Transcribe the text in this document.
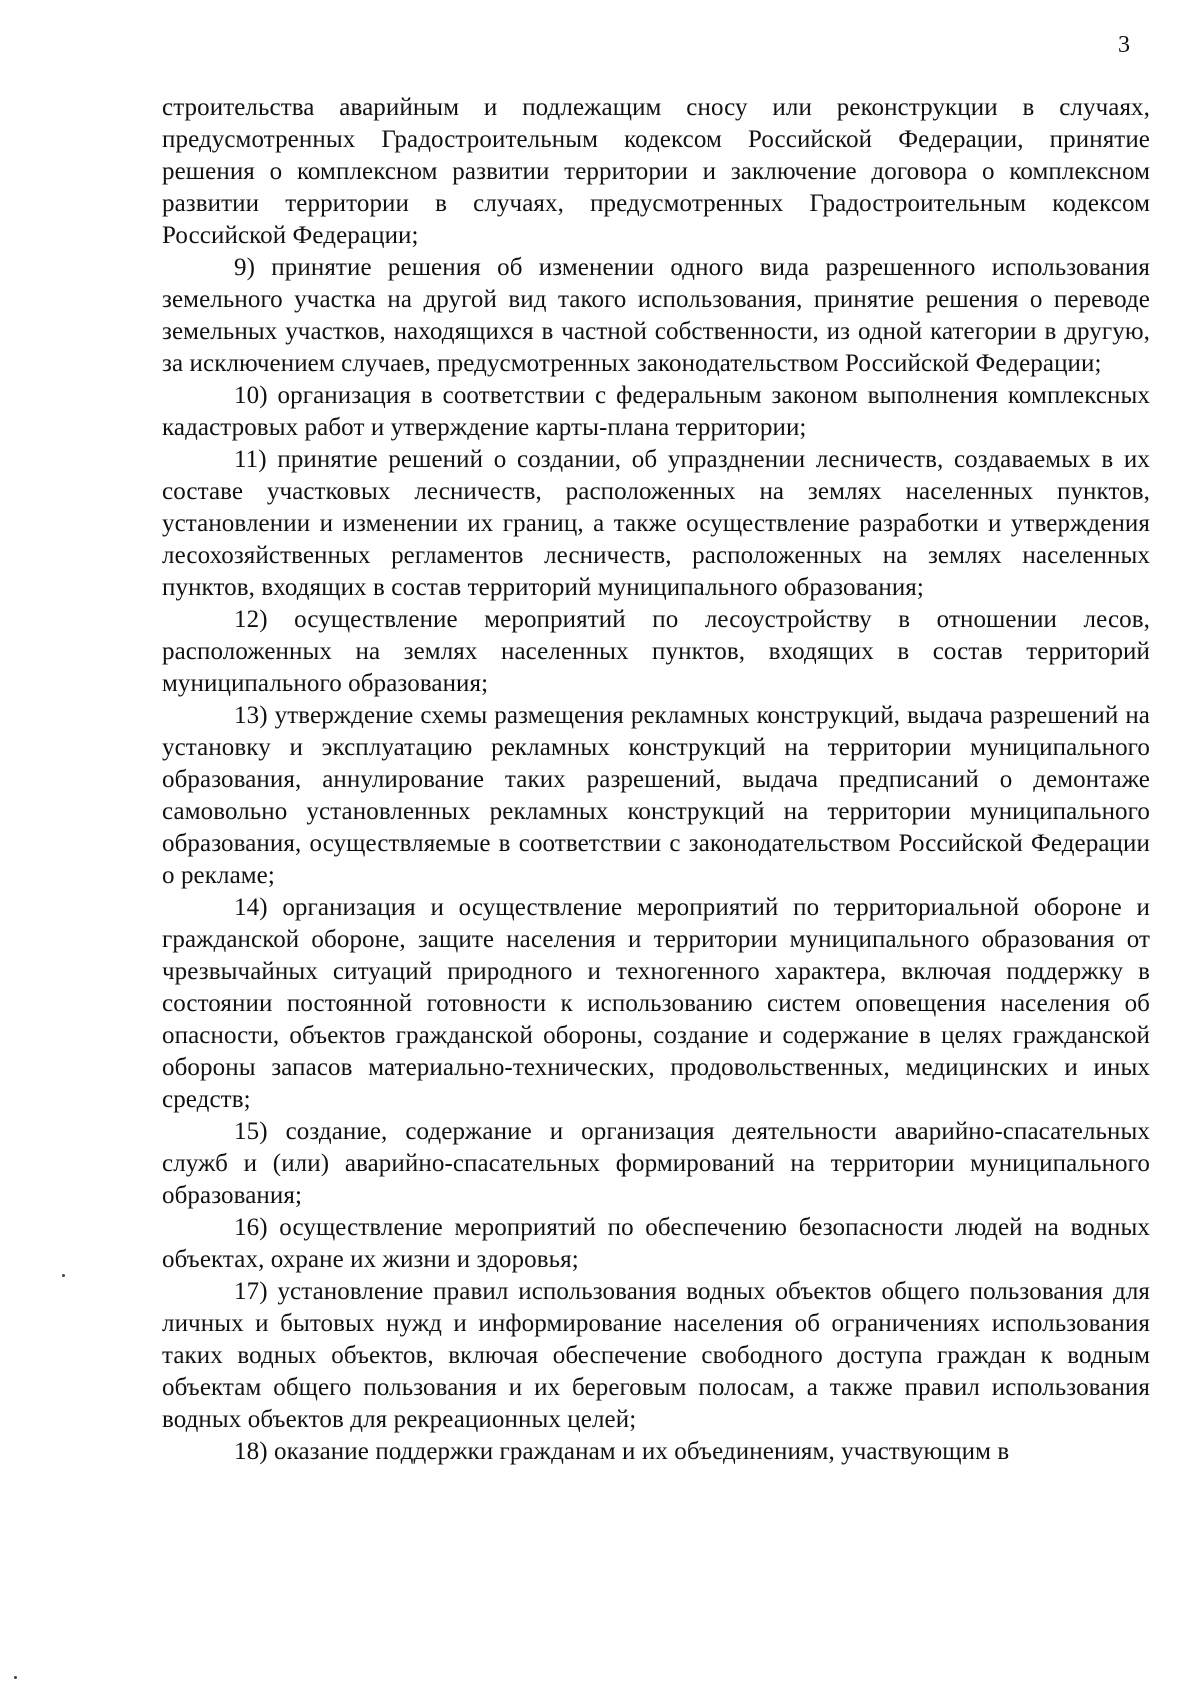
3

строительства аварийным и подлежащим сносу или реконструкции в случаях, предусмотренных Градостроительным кодексом Российской Федерации, принятие решения о комплексном развитии территории и заключение договора о комплексном развитии территории в случаях, предусмотренных Градостроительным кодексом Российской Федерации;

9) принятие решения об изменении одного вида разрешенного использования земельного участка на другой вид такого использования, принятие решения о переводе земельных участков, находящихся в частной собственности, из одной категории в другую, за исключением случаев, предусмотренных законодательством Российской Федерации;

10) организация в соответствии с федеральным законом выполнения комплексных кадастровых работ и утверждение карты-плана территории;

11) принятие решений о создании, об упразднении лесничеств, создаваемых в их составе участковых лесничеств, расположенных на землях населенных пунктов, установлении и изменении их границ, а также осуществление разработки и утверждения лесохозяйственных регламентов лесничеств, расположенных на землях населенных пунктов, входящих в состав территорий муниципального образования;

12) осуществление мероприятий по лесоустройству в отношении лесов, расположенных на землях населенных пунктов, входящих в состав территорий муниципального образования;

13) утверждение схемы размещения рекламных конструкций, выдача разрешений на установку и эксплуатацию рекламных конструкций на территории муниципального образования, аннулирование таких разрешений, выдача предписаний о демонтаже самовольно установленных рекламных конструкций на территории муниципального образования, осуществляемые в соответствии с законодательством Российской Федерации о рекламе;

14) организация и осуществление мероприятий по территориальной обороне и гражданской обороне, защите населения и территории муниципального образования от чрезвычайных ситуаций природного и техногенного характера, включая поддержку в состоянии постоянной готовности к использованию систем оповещения населения об опасности, объектов гражданской обороны, создание и содержание в целях гражданской обороны запасов материально-технических, продовольственных, медицинских и иных средств;

15) создание, содержание и организация деятельности аварийно-спасательных служб и (или) аварийно-спасательных формирований на территории муниципального образования;

16) осуществление мероприятий по обеспечению безопасности людей на водных объектах, охране их жизни и здоровья;

17) установление правил использования водных объектов общего пользования для личных и бытовых нужд и информирование населения об ограничениях использования таких водных объектов, включая обеспечение свободного доступа граждан к водным объектам общего пользования и их береговым полосам, а также правил использования водных объектов для рекреационных целей;

18) оказание поддержки гражданам и их объединениям, участвующим в
